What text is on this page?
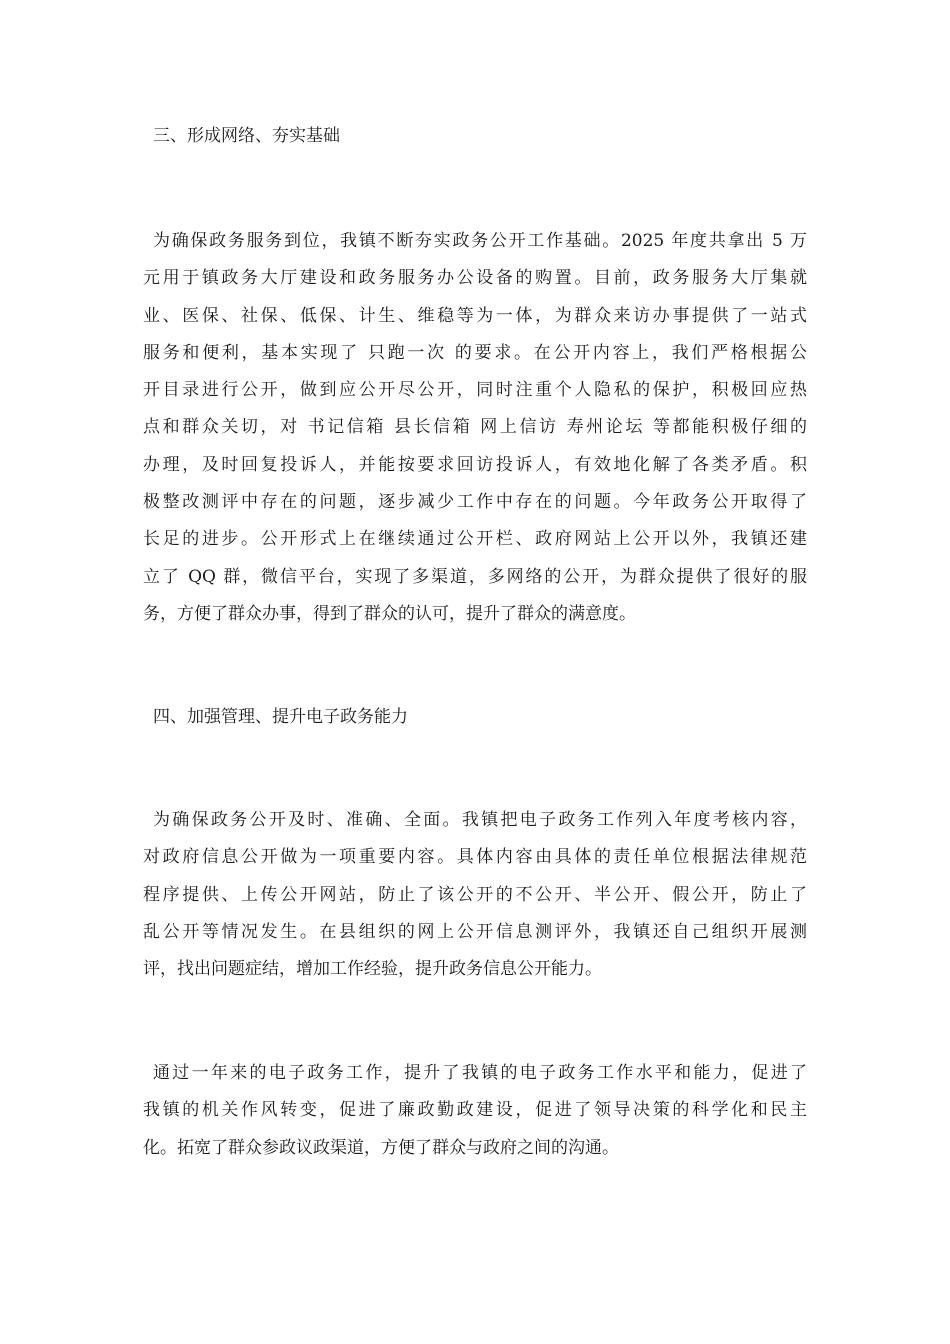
三、形成网络、夯实基础
为确保政务服务到位，我镇不断夯实政务公开工作基础。2025 年度共拿出 5 万
元用于镇政务大厅建设和政务服务办公设备的购置。目前，政务服务大厅集就
业、医保、社保、低保、计生、维稳等为一体，为群众来访办事提供了一站式
服务和便利，基本实现了 只跑一次 的要求。在公开内容上，我们严格根据公
开目录进行公开，做到应公开尽公开，同时注重个人隐私的保护，积极回应热
点和群众关切，对 书记信箱 县长信箱 网上信访 寿州论坛 等都能积极仔细的
办理，及时回复投诉人，并能按要求回访投诉人，有效地化解了各类矛盾。积
极整改测评中存在的问题，逐步减少工作中存在的问题。今年政务公开取得了
长足的进步。公开形式上在继续通过公开栏、政府网站上公开以外，我镇还建
立了 QQ 群，微信平台，实现了多渠道，多网络的公开，为群众提供了很好的服
务，方便了群众办事，得到了群众的认可，提升了群众的满意度。
四、加强管理、提升电子政务能力
为确保政务公开及时、准确、全面。我镇把电子政务工作列入年度考核内容，
对政府信息公开做为一项重要内容。具体内容由具体的责任单位根据法律规范
程序提供、上传公开网站，防止了该公开的不公开、半公开、假公开，防止了
乱公开等情况发生。在县组织的网上公开信息测评外，我镇还自己组织开展测
评，找出问题症结，增加工作经验，提升政务信息公开能力。
通过一年来的电子政务工作，提升了我镇的电子政务工作水平和能力，促进了
我镇的机关作风转变，促进了廉政勤政建设，促进了领导决策的科学化和民主
化。拓宽了群众参政议政渠道，方便了群众与政府之间的沟通。
